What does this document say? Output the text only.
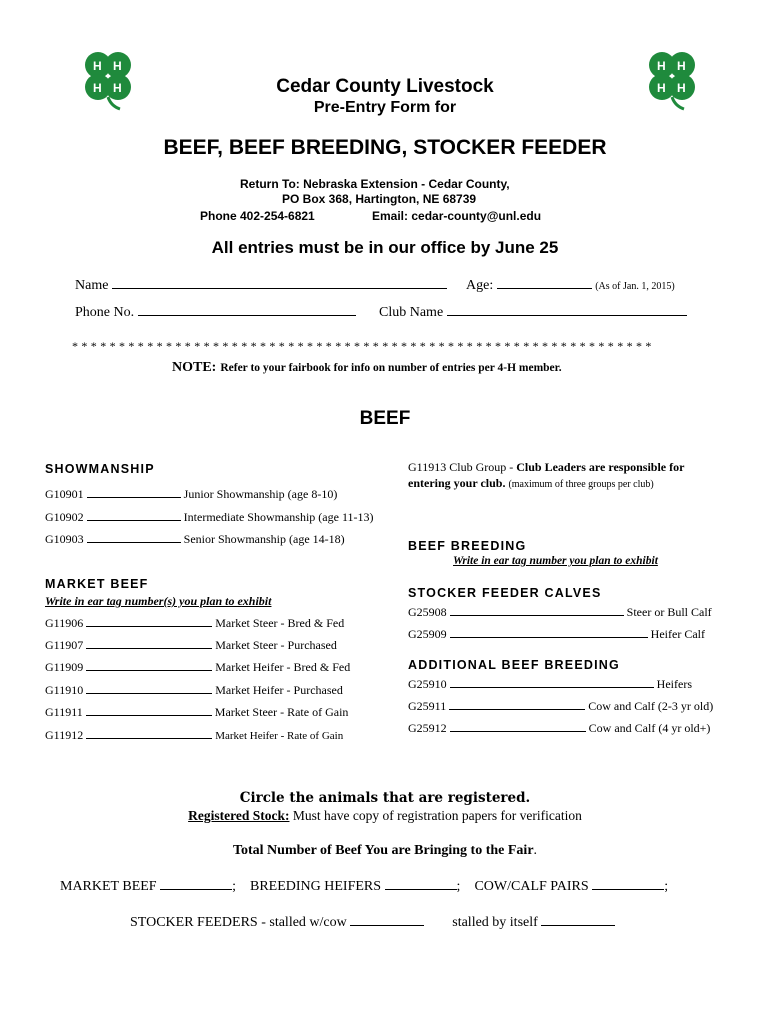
H H
H H
H H
H H
Cedar County Livestock
Pre-Entry Form for
BEEF, BEEF BREEDING, STOCKER FEEDER
Return To: Nebraska Extension - Cedar County,
PO Box 368, Hartington, NE 68739
Phone 402-254-6821	Email: cedar-county@unl.edu
All entries must be in our office by June 25
Name	Age:	(As of Jan. 1, 2015)
Phone No.	Club Name
* * * * * * * * * * * * * * * * * * * * * * * * * * * * * * * * * * * * * * * * * * * * * * * * * * * * * * * * * * * * * *
NOTE: Refer to your fairbook for info on number of entries per 4-H member.
BEEF
SHOWMANSHIP
G10901	Junior Showmanship (age 8-10)
G10902	Intermediate Showmanship (age 11-13)
G10903	Senior Showmanship (age 14-18)
MARKET BEEF
Write in ear tag number(s) you plan to exhibit
G11906	Market Steer - Bred & Fed
G11907	Market Steer - Purchased
G11909	Market Heifer - Bred & Fed
G11910	Market Heifer - Purchased
G11911	Market Steer - Rate of Gain
G11912	Market Heifer - Rate of Gain
G11913 Club Group - Club Leaders are responsible for
entering your club. (maximum of three groups per club)
BEEF BREEDING
Write in ear tag number you plan to exhibit
STOCKER FEEDER CALVES
G25908	Steer or Bull Calf
G25909	Heifer Calf
ADDITIONAL BEEF BREEDING
G25910	Heifers
G25911	Cow and Calf (2-3 yr old)
G25912	Cow and Calf (4 yr old+)
Circle the animals that are registered.
Registered Stock: Must have copy of registration papers for verification
Total Number of Beef You are Bringing to the Fair.
MARKET BEEF	;    BREEDING HEIFERS	;    COW/CALF PAIRS	;
STOCKER FEEDERS - stalled w/cow	stalled by itself
